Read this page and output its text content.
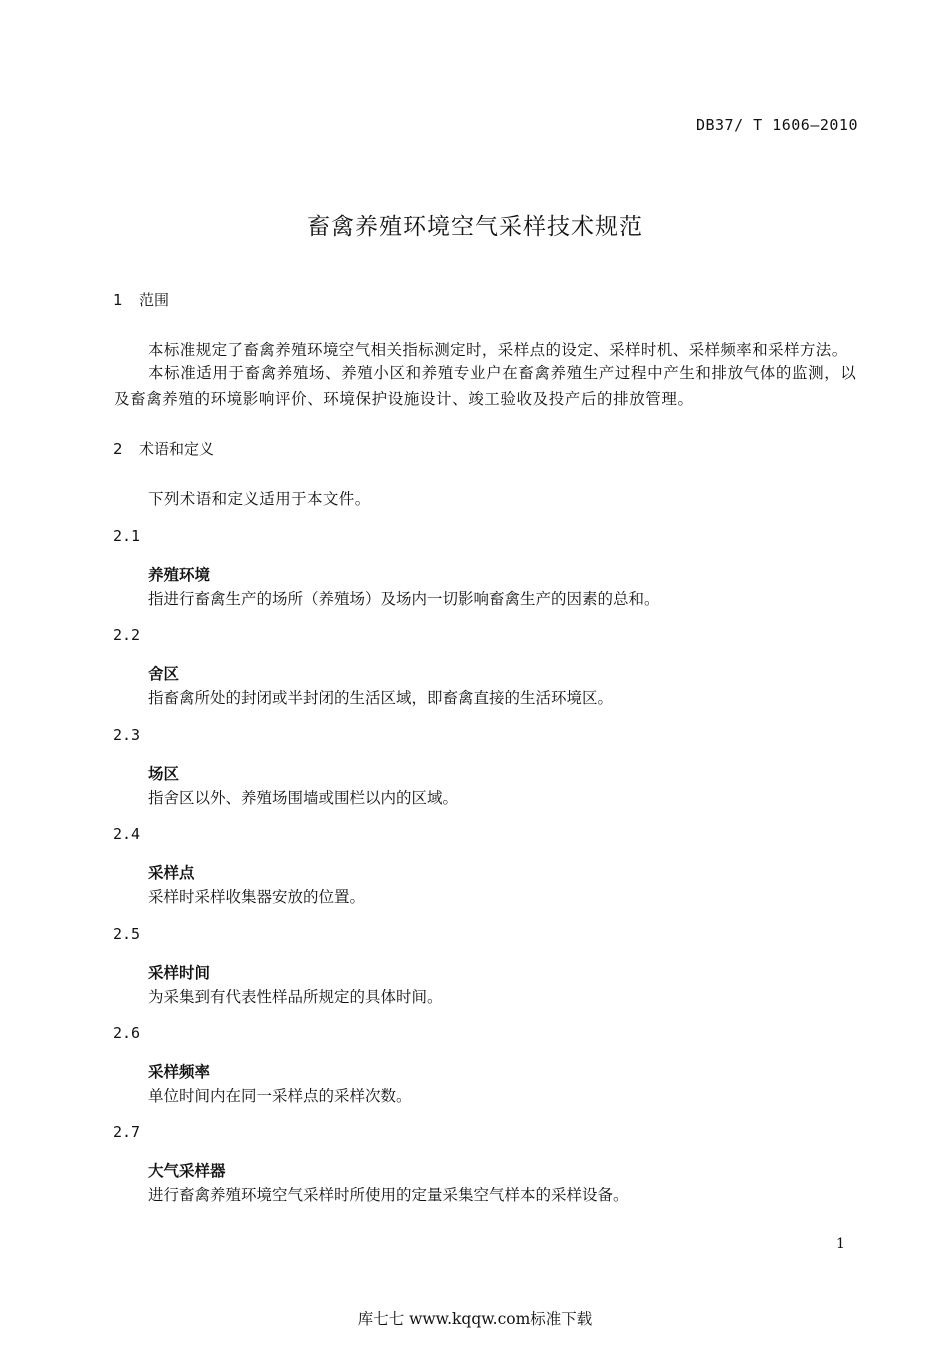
DB37/ T 1606—2010
畜禽养殖环境空气采样技术规范
1 范围
本标准规定了畜禽养殖环境空气相关指标测定时，采样点的设定、采样时机、采样频率和采样方法。
本标准适用于畜禽养殖场、养殖小区和养殖专业户在畜禽养殖生产过程中产生和排放气体的监测，以及畜禽养殖的环境影响评价、环境保护设施设计、竣工验收及投产后的排放管理。
2 术语和定义
下列术语和定义适用于本文件。
2.1
养殖环境
指进行畜禽生产的场所（养殖场）及场内一切影响畜禽生产的因素的总和。
2.2
舍区
指畜禽所处的封闭或半封闭的生活区域，即畜禽直接的生活环境区。
2.3
场区
指舍区以外、养殖场围墙或围栏以内的区域。
2.4
采样点
采样时采样收集器安放的位置。
2.5
采样时间
为采集到有代表性样品所规定的具体时间。
2.6
采样频率
单位时间内在同一采样点的采样次数。
2.7
大气采样器
进行畜禽养殖环境空气采样时所使用的定量采集空气样本的采样设备。
1
库七七 www.kqqw.com标准下载
